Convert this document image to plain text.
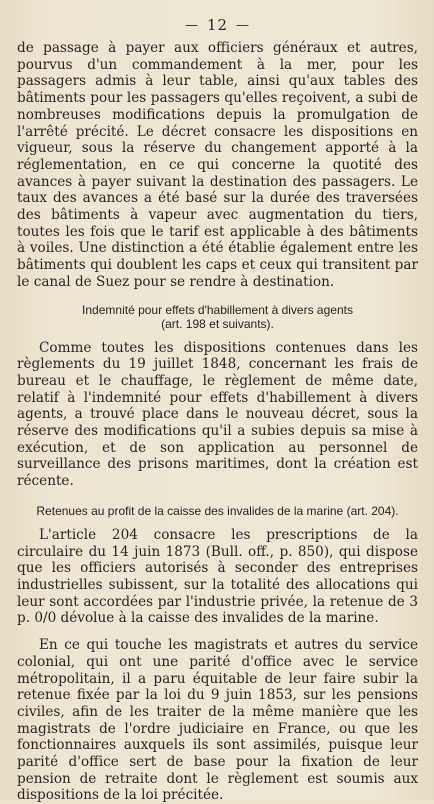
— 12 —

de passage à payer aux officiers généraux et autres, pourvus d'un commandement à la mer, pour les passagers admis à leur table, ainsi qu'aux tables des bâtiments pour les passagers qu'elles reçoivent, a subi de nombreuses modifications depuis la promulgation de l'arrêté précité. Le décret consacre les dispositions en vigueur, sous la réserve du changement apporté à la réglementation, en ce qui concerne la quotité des avances à payer suivant la destination des passagers. Le taux des avances a été basé sur la durée des traversées des bâtiments à vapeur avec augmentation du tiers, toutes les fois que le tarif est applicable à des bâtiments à voiles. Une distinction a été établie également entre les bâtiments qui doublent les caps et ceux qui transitent par le canal de Suez pour se rendre à destination.

Indemnité pour effets d'habillement à divers agents
(art. 198 et suivants).

Comme toutes les dispositions contenues dans les règlements du 19 juillet 1848, concernant les frais de bureau et le chauffage, le règlement de même date, relatif à l'indemnité pour effets d'habillement à divers agents, a trouvé place dans le nouveau décret, sous la réserve des modifications qu'il a subies depuis sa mise à exécution, et de son application au personnel de surveillance des prisons maritimes, dont la création est récente.

Retenues au profit de la caisse des invalides de la marine (art. 204).

L'article 204 consacre les prescriptions de la circulaire du 14 juin 1873 (Bull. off., p. 850), qui dispose que les officiers autorisés à seconder des entreprises industrielles subissent, sur la totalité des allocations qui leur sont accordées par l'industrie privée, la retenue de 3 p. 0/0 dévolue à la caisse des invalides de la marine.

En ce qui touche les magistrats et autres du service colonial, qui ont une parité d'office avec le service métropolitain, il a paru équitable de leur faire subir la retenue fixée par la loi du 9 juin 1853, sur les pensions civiles, afin de les traiter de la même manière que les magistrats de l'ordre judiciaire en France, ou que les fonctionnaires auxquels ils sont assimilés, puisque leur parité d'office sert de base pour la fixation de leur pension de retraite dont le règlement est soumis aux dispositions de la loi précitée.
